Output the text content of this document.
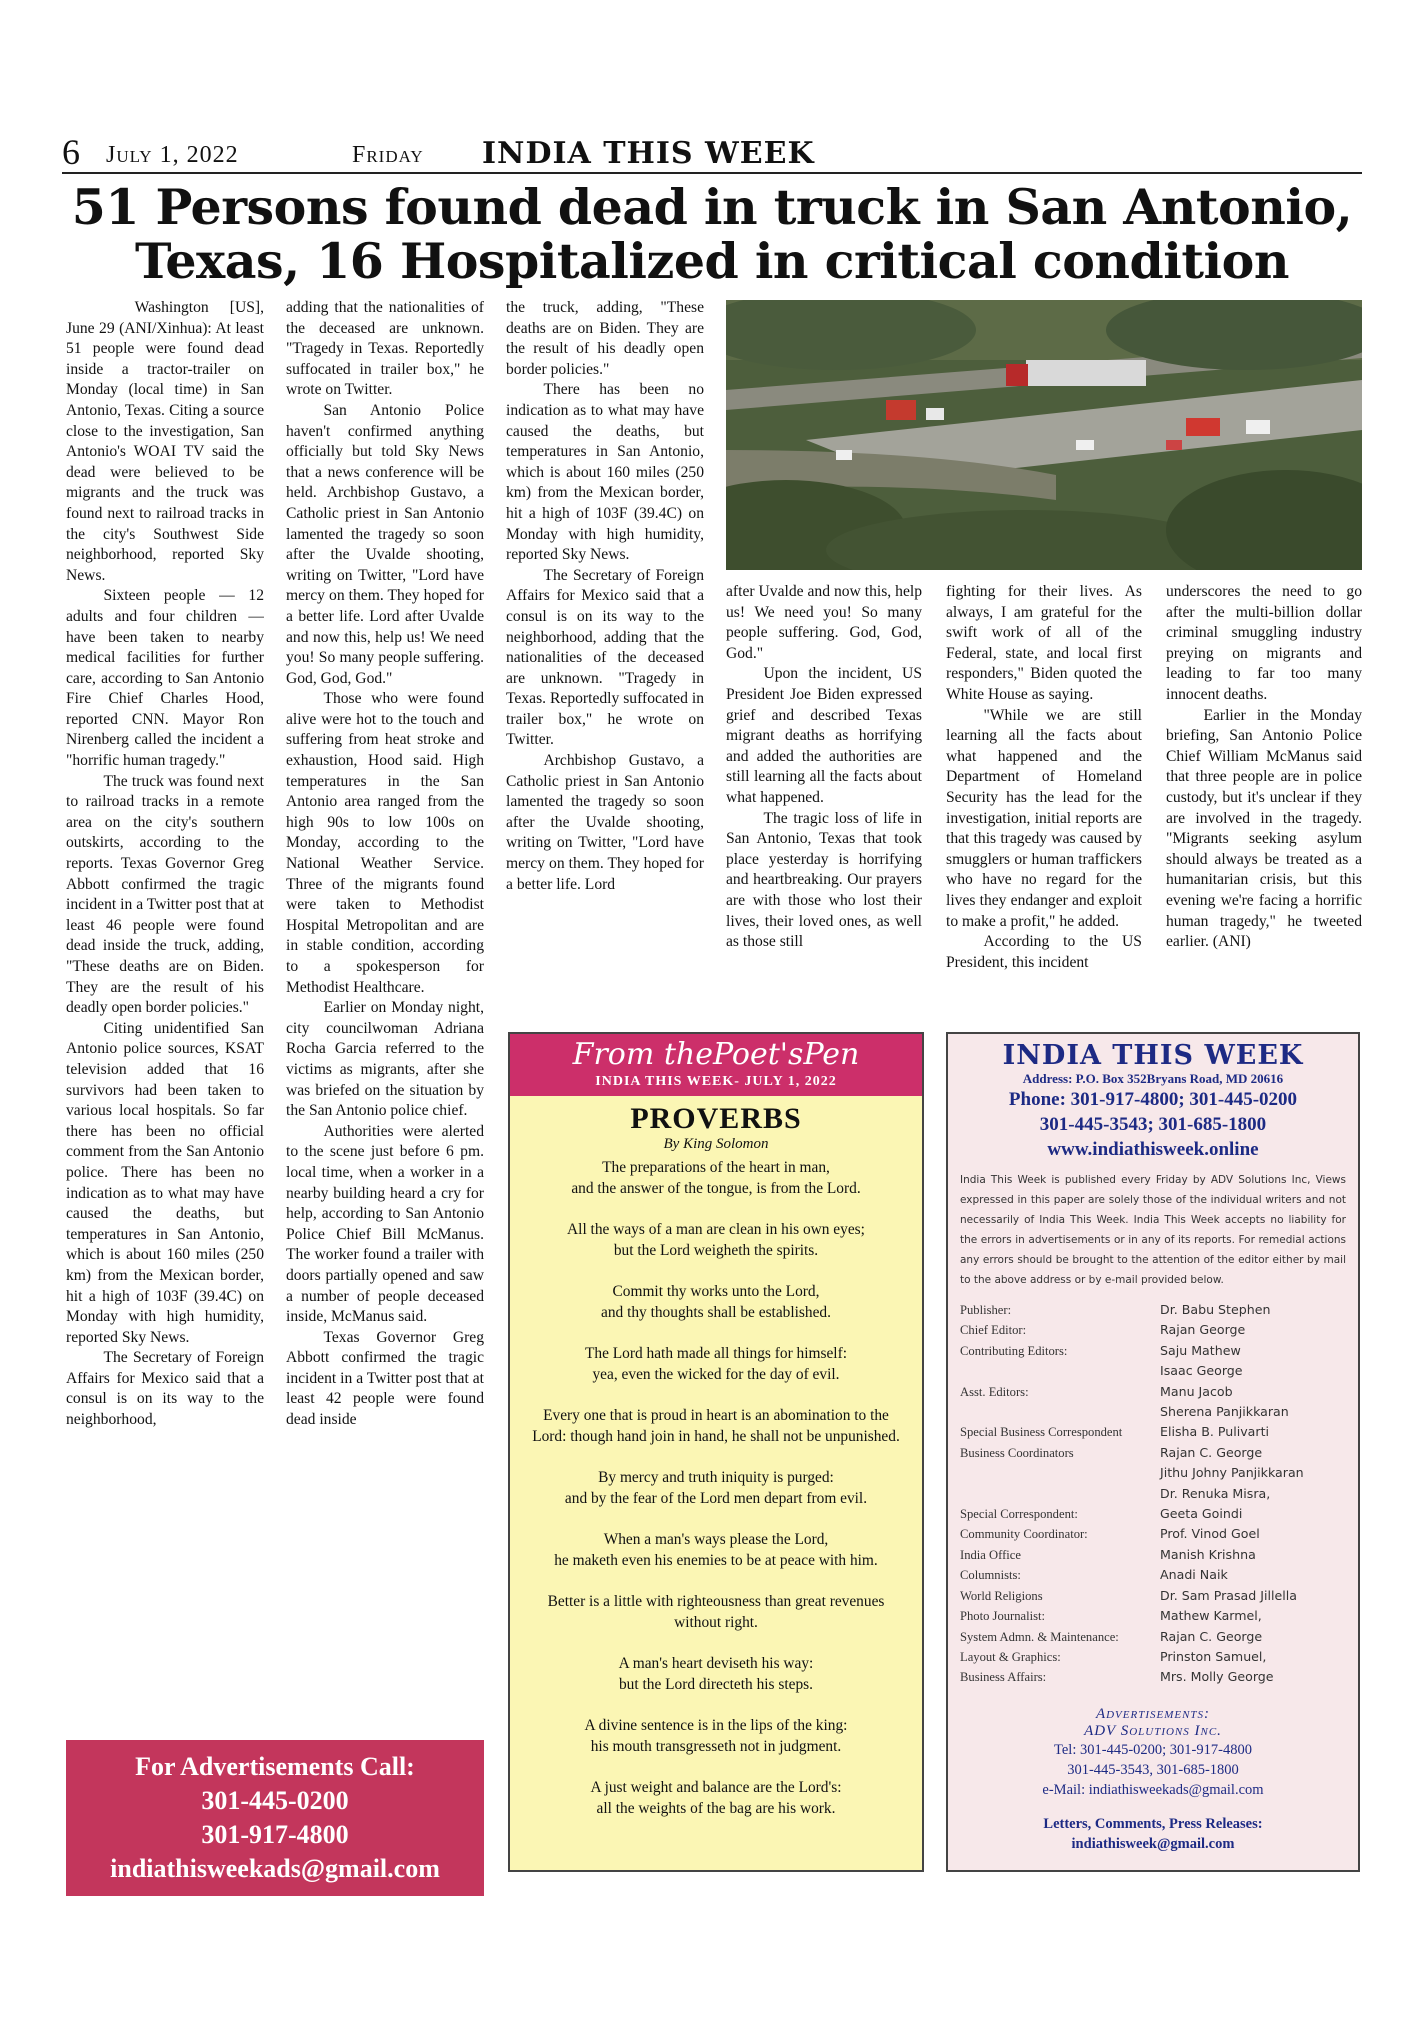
6 July 1, 2022	Friday INDIA THIS WEEK
51 Persons found dead in truck in San Antonio,
Texas, 16 Hospitalized in critical condition

Washington [US], June 29 (ANI/Xinhua): At least 51 people were found dead inside a tractor-trailer on Monday (local time) in San Antonio, Texas. Citing a source close to the investigation, San Antonio's WOAI TV said the dead were believed to be migrants and the truck was found next to railroad tracks in the city's Southwest Side neighborhood, reported Sky News.

Sixteen people — 12 adults and four children — have been taken to nearby medical facilities for further care, according to San Antonio Fire Chief Charles Hood, reported CNN. Mayor Ron Nirenberg called the incident a "horrific human tragedy."

The truck was found next to railroad tracks in a remote area on the city's southern outskirts, according to the reports. Texas Governor Greg Abbott confirmed the tragic incident in a Twitter post that at least 46 people were found dead inside the truck, adding, "These deaths are on Biden. They are the result of his deadly open border policies."

Citing unidentified San Antonio police sources, KSAT television added that 16 survivors had been taken to various local hospitals. So far there has been no official comment from the San Antonio police. There has been no indication as to what may have caused the deaths, but temperatures in San Antonio, which is about 160 miles (250 km) from the Mexican border, hit a high of 103F (39.4C) on Monday with high humidity, reported Sky News.

The Secretary of Foreign Affairs for Mexico said that a consul is on its way to the neighborhood,

adding that the nationalities of the deceased are unknown. "Tragedy in Texas. Reportedly suffocated in trailer box," he wrote on Twitter.

San Antonio Police haven't confirmed anything officially but told Sky News that a news conference will be held. Archbishop Gustavo, a Catholic priest in San Antonio lamented the tragedy so soon after the Uvalde shooting, writing on Twitter, "Lord have mercy on them. They hoped for a better life. Lord after Uvalde and now this, help us! We need you! So many people suffering. God, God, God."

Those who were found alive were hot to the touch and suffering from heat stroke and exhaustion, Hood said. High temperatures in the San Antonio area ranged from the high 90s to low 100s on Monday, according to the National Weather Service. Three of the migrants found were taken to Methodist Hospital Metropolitan and are in stable condition, according to a spokesperson for Methodist Healthcare.

Earlier on Monday night, city councilwoman Adriana Rocha Garcia referred to the victims as migrants, after she was briefed on the situation by the San Antonio police chief.

Authorities were alerted to the scene just before 6 pm. local time, when a worker in a nearby building heard a cry for help, according to San Antonio Police Chief Bill McManus. The worker found a trailer with doors partially opened and saw a number of people deceased inside, McManus said.

Texas Governor Greg Abbott confirmed the tragic incident in a Twitter post that at least 42 people were found dead inside

the truck, adding, "These deaths are on Biden. They are the result of his deadly open border policies."

There has been no indication as to what may have caused the deaths, but temperatures in San Antonio, which is about 160 miles (250 km) from the Mexican border, hit a high of 103F (39.4C) on Monday with high humidity, reported Sky News.

The Secretary of Foreign Affairs for Mexico said that a consul is on its way to the neighborhood, adding that the nationalities of the deceased are unknown. "Tragedy in Texas. Reportedly suffocated in trailer box," he wrote on Twitter.

Archbishop Gustavo, a Catholic priest in San Antonio lamented the tragedy so soon after the Uvalde shooting, writing on Twitter, "Lord have mercy on them. They hoped for a better life. Lord

after Uvalde and now this, help us! We need you! So many people suffering. God, God, God."

Upon the incident, US President Joe Biden expressed grief and described Texas migrant deaths as horrifying and added the authorities are still learning all the facts about what happened.

The tragic loss of life in San Antonio, Texas that took place yesterday is horrifying and heartbreaking. Our prayers are with those who lost their lives, their loved ones, as well as those still

fighting for their lives. As always, I am grateful for the swift work of all of the Federal, state, and local first responders," Biden quoted the White House as saying.

"While we are still learning all the facts about what happened and the Department of Homeland Security has the lead for the investigation, initial reports are that this tragedy was caused by smugglers or human traffickers who have no regard for the lives they endanger and exploit to make a profit," he added.

According to the US President, this incident

underscores the need to go after the multi-billion dollar criminal smuggling industry preying on migrants and leading to far too many innocent deaths.

Earlier in the Monday briefing, San Antonio Police Chief William McManus said that three people are in police custody, but it's unclear if they are involved in the tragedy. "Migrants seeking asylum should always be treated as a humanitarian crisis, but this evening we're facing a horrific human tragedy," he tweeted earlier. (ANI)

For Advertisements Call:
301-445-0200
301-917-4800
indiathisweekads@gmail.com
From thePoet'sPen
INDIA THIS WEEK- JULY 1, 2022
PROVERBS
By King Solomon
The preparations of the heart in man,
and the answer of the tongue, is from the Lord.
All the ways of a man are clean in his own eyes;
but the Lord weigheth the spirits.
Commit thy works unto the Lord,
and thy thoughts shall be established.
The Lord hath made all things for himself:
yea, even the wicked for the day of evil.
Every one that is proud in heart is an abomination to the
Lord: though hand join in hand, he shall not be unpunished.
By mercy and truth iniquity is purged:
and by the fear of the Lord men depart from evil.
When a man's ways please the Lord,
he maketh even his enemies to be at peace with him.
Better is a little with righteousness than great revenues
without right.
A man's heart deviseth his way:
but the Lord directeth his steps.
A divine sentence is in the lips of the king:
his mouth transgresseth not in judgment.
A just weight and balance are the Lord's:
all the weights of the bag are his work.
INDIA THIS WEEK
Address: P.O. Box 352Bryans Road, MD 20616
Phone: 301-917-4800; 301-445-0200
301-445-3543; 301-685-1800
www.indiathisweek.online
India This Week is published every Friday by ADV Solutions Inc, Views expressed in this paper are solely those of the individual writers and not necessarily of India This Week. India This Week accepts no liability for the errors in advertisements or in any of its reports. For remedial actions any errors should be brought to the attention of the editor either by mail to the above address or by e-mail provided below.
Publisher:	Dr. Babu Stephen
Chief Editor:	Rajan George
Contributing Editors:	Saju Mathew
Isaac George
Asst. Editors:	Manu Jacob
Sherena Panjikkaran
Special Business Correspondent	Elisha B. Pulivarti
Business Coordinators	Rajan C. George
Jithu Johny Panjikkaran
Dr. Renuka Misra,
Special Correspondent:	Geeta Goindi
Community Coordinator:	Prof. Vinod Goel
India Office	Manish Krishna
Columnists:	Anadi Naik
World Religions	Dr. Sam Prasad Jillella
Photo Journalist:	Mathew Karmel,
System Admn. & Maintenance:	Rajan C. George
Layout & Graphics:	Prinston Samuel,
Business Affairs:	Mrs. Molly George
Advertisements:
ADV Solutions Inc.
Tel: 301-445-0200; 301-917-4800
301-445-3543, 301-685-1800
e-Mail: indiathisweekads@gmail.com
Letters, Comments, Press Releases:
indiathisweek@gmail.com
